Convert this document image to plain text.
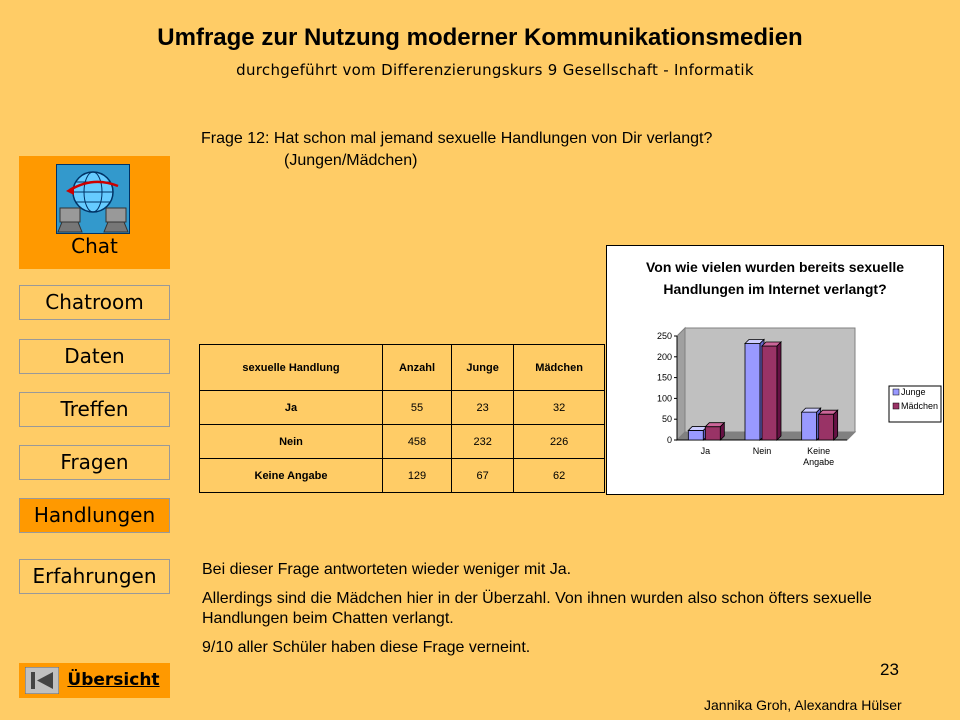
Umfrage zur Nutzung moderner Kommunikationsmedien
durchgeführt vom Differenzierungskurs 9 Gesellschaft - Informatik
Frage 12: Hat schon mal jemand sexuelle Handlungen von Dir verlangt?
(Jungen/Mädchen)
Chat
Chatroom
Daten
Treffen
Fragen
Handlungen
Erfahrungen
Übersicht
sexuelle Handlung	Anzahl	Junge	Mädchen
Ja	55	23	32
Nein	458	232	226
Keine Angabe	129	67	62
Von wie vielen wurden bereits sexuelle Handlungen im Internet verlangt?
0
50
100
150
200
250
Ja	Nein	Keine
Angabe
Junge
Mädchen

Bei dieser Frage antworteten wieder weniger mit Ja.

Allerdings sind die Mädchen hier in der Überzahl. Von ihnen wurden also schon öfters sexuelle Handlungen beim Chatten verlangt.

9/10 aller Schüler haben diese Frage verneint.

23
Jannika Groh, Alexandra Hülser
